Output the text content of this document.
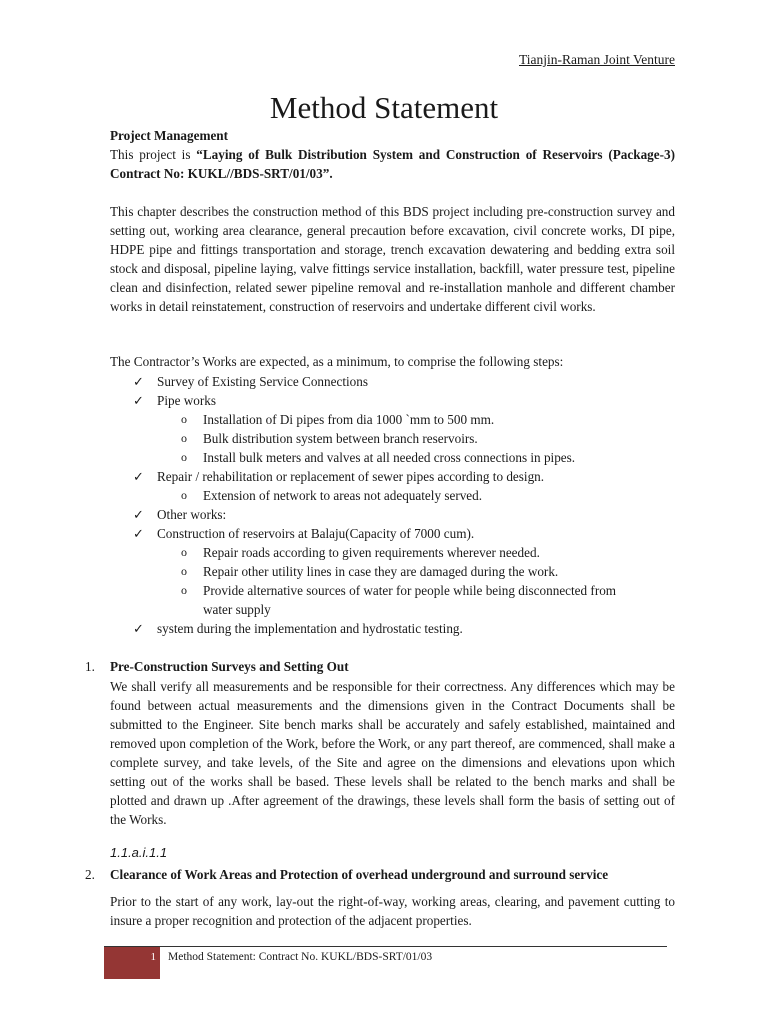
Tianjin-Raman Joint Venture
Method Statement
Project Management
This project is “Laying of Bulk Distribution System and Construction of Reservoirs (Package-3) Contract No: KUKL//BDS-SRT/01/03”.
This chapter describes the construction method of this BDS project including pre-construction survey and setting out, working area clearance, general precaution before excavation, civil concrete works, DI pipe, HDPE pipe and fittings transportation and storage, trench excavation dewatering and bedding extra soil stock and disposal, pipeline laying, valve fittings service installation, backfill, water pressure test, pipeline clean and disinfection, related sewer pipeline removal and re-installation manhole and different chamber works in detail reinstatement, construction of reservoirs and undertake different civil works.
The Contractor’s Works are expected, as a minimum, to comprise the following steps:
✓ Survey of Existing Service Connections
✓ Pipe works
o Installation of Di pipes from dia 1000 `mm to 500 mm.
o Bulk distribution system between branch reservoirs.
o Install bulk meters and valves at all needed cross connections in pipes.
✓ Repair / rehabilitation or replacement of sewer pipes according to design.
o Extension of network to areas not adequately served.
✓ Other works:
✓ Construction of reservoirs at Balaju(Capacity of 7000 cum).
o Repair roads according to given requirements wherever needed.
o Repair other utility lines in case they are damaged during the work.
o Provide alternative sources of water for people while being disconnected from
water supply
✓ system during the implementation and hydrostatic testing.
1. Pre-Construction Surveys and Setting Out
We shall verify all measurements and be responsible for their correctness. Any differences which may be found between actual measurements and the dimensions given in the Contract Documents shall be submitted to the Engineer. Site bench marks shall be accurately and safely established, maintained and removed upon completion of the Work, before the Work, or any part thereof, are commenced, shall make a complete survey, and take levels, of the Site and agree on the dimensions and elevations upon which setting out of the works shall be based. These levels shall be related to the bench marks and shall be plotted and drawn up .After agreement of the drawings, these levels shall form the basis of setting out of the Works.
1.1.a.i.1.1
2. Clearance of Work Areas and Protection of overhead underground and surround service
Prior to the start of any work, lay-out the right-of-way, working areas, clearing, and pavement cutting to insure a proper recognition and protection of the adjacent properties.
1 Method Statement: Contract No. KUKL/BDS-SRT/01/03
